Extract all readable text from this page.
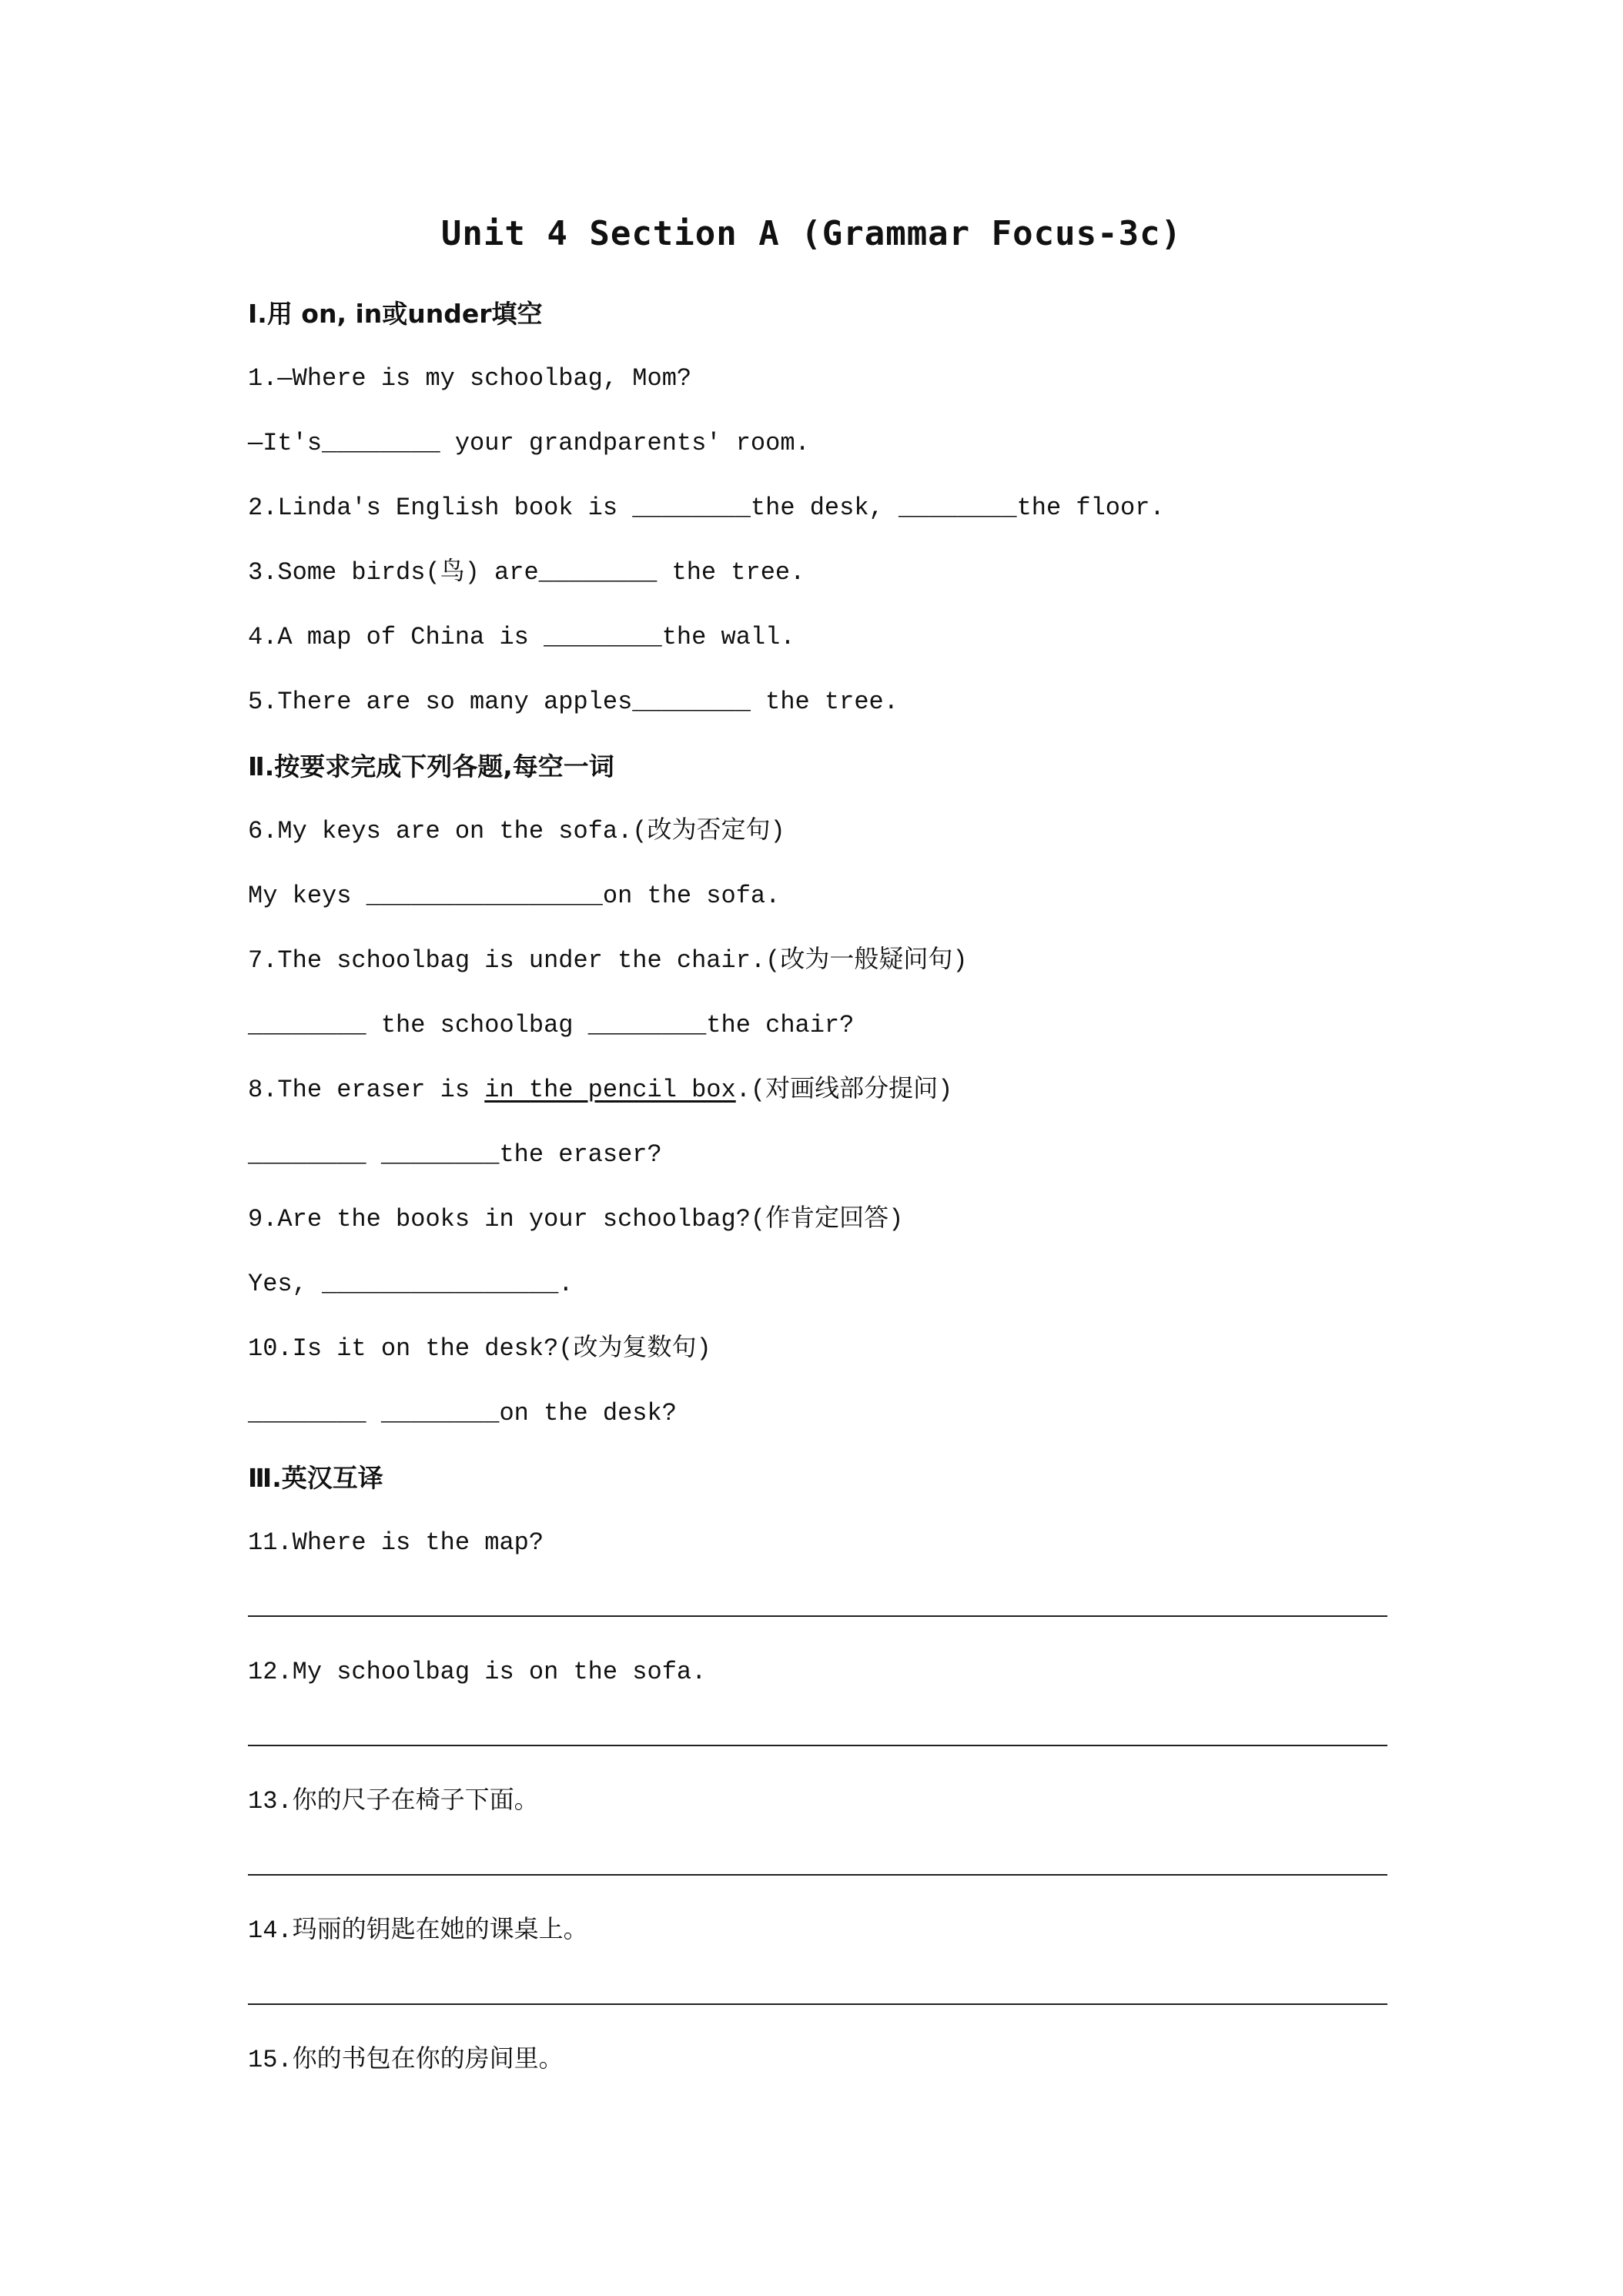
Unit 4 Section A (Grammar Focus-3c)
Ⅰ.用 on, in或under填空
1.—Where is my schoolbag, Mom?
—It′s________ your grandparents′ room.
2.Linda′s English book is ________the desk, ________the floor.
3.Some birds(鸟) are________ the tree.
4.A map of China is ________the wall.
5.There are so many apples________ the tree.
Ⅱ.按要求完成下列各题,每空一词
6.My keys are on the sofa.(改为否定句)
My keys ________________on the sofa.
7.The schoolbag is under the chair.(改为一般疑问句)
________ the schoolbag ________the chair?
8.The eraser is in the pencil box.(对画线部分提问)
________ ________the eraser?
9.Are the books in your schoolbag?(作肯定回答)
Yes, ________________.
10.Is it on the desk?(改为复数句)
________ ________on the desk?
Ⅲ.英汉互译
11.Where is the map?
12.My schoolbag is on the sofa.
13.你的尺子在椅子下面。
14.玛丽的钥匙在她的课桌上。
15.你的书包在你的房间里。
